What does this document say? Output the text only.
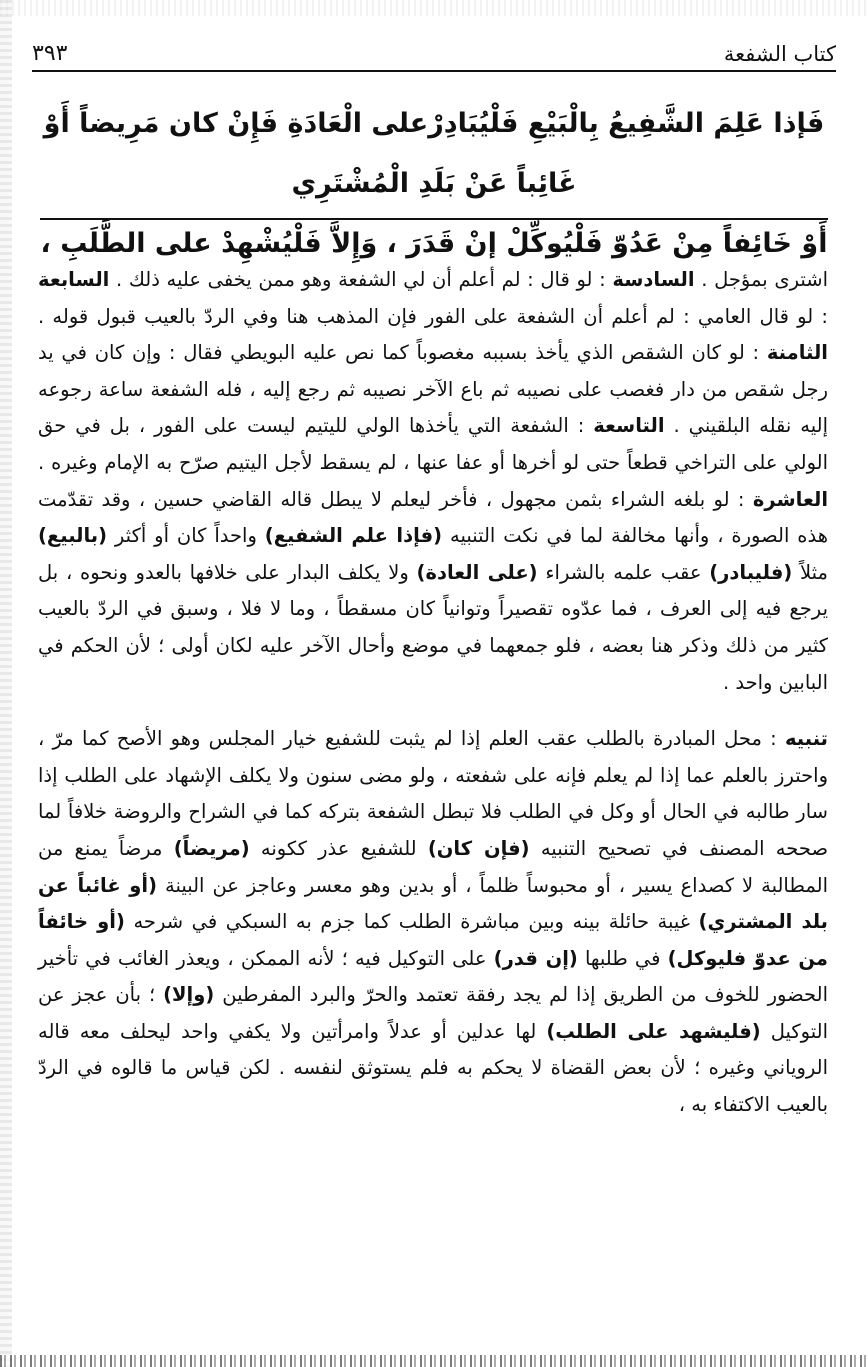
كتاب الشفعة
٣٩٣
فَإذا عَلِمَ الشَّفِيعُ بِالْبَيْعِ فَلْيُبَادِرْعلى الْعَادَةِ فَإِنْ كان مَرِيضاً أَوْ غَائِباً عَنْ بَلَدِ الْمُشْتَرِي
أَوْ خَائِفاً مِنْ عَدُوّ فَلْيُوكِّلْ إنْ قَدَرَ ، وَإِلاَّ فَلْيُشْهِدْ على الطَّلَبِ ،

اشترى بمؤجل . السادسة : لو قال : لم أعلم أن لي الشفعة وهو ممن يخفى عليه ذلك . السابعة : لو قال العامي : لم أعلم أن الشفعة على الفور فإن المذهب هنا وفي الردّ بالعيب قبول قوله . الثامنة : لو كان الشقص الذي يأخذ بسببه مغصوباً كما نص عليه البويطي فقال : وإن كان في يد رجل شقص من دار فغصب على نصيبه ثم باع الآخر نصيبه ثم رجع إليه ، فله الشفعة ساعة رجوعه إليه نقله البلقيني . التاسعة : الشفعة التي يأخذها الولي لليتيم ليست على الفور ، بل في حق الولي على التراخي قطعاً حتى لو أخرها أو عفا عنها ، لم يسقط لأجل اليتيم صرّح به الإمام وغيره . العاشرة : لو بلغه الشراء بثمن مجهول ، فأخر ليعلم لا يبطل قاله القاضي حسين ، وقد تقدّمت هذه الصورة ، وأنها مخالفة لما في نكت التنبيه (فإذا علم الشفيع) واحداً كان أو أكثر (بالبيع) مثلاً (فليبادر) عقب علمه بالشراء (على العادة) ولا يكلف البدار على خلافها بالعدو ونحوه ، بل يرجع فيه إلى العرف ، فما عدّوه تقصيراً وتوانياً كان مسقطاً ، وما لا فلا ، وسبق في الردّ بالعيب كثير من ذلك وذكر هنا بعضه ، فلو جمعهما في موضع وأحال الآخر عليه لكان أولى ؛ لأن الحكم في البابين واحد .

تنبيه : محل المبادرة بالطلب عقب العلم إذا لم يثبت للشفيع خيار المجلس وهو الأصح كما مرّ ، واحترز بالعلم عما إذا لم يعلم فإنه على شفعته ، ولو مضى سنون ولا يكلف الإشهاد على الطلب إذا سار طالبه في الحال أو وكل في الطلب فلا تبطل الشفعة بتركه كما في الشراح والروضة خلافاً لما صححه المصنف في تصحيح التنبيه (فإن كان) للشفيع عذر ككونه (مريضاً) مرضاً يمنع من المطالبة لا كصداع يسير ، أو محبوساً ظلماً ، أو بدين وهو معسر وعاجز عن البينة (أو غائباً عن بلد المشتري) غيبة حائلة بينه وبين مباشرة الطلب كما جزم به السبكي في شرحه (أو خائفاً من عدوّ فليوكل) في طلبها (إن قدر) على التوكيل فيه ؛ لأنه الممكن ، ويعذر الغائب في تأخير الحضور للخوف من الطريق إذا لم يجد رفقة تعتمد والحرّ والبرد المفرطين (وإلا) ؛ بأن عجز عن التوكيل (فليشهد على الطلب) لها عدلين أو عدلاً وامرأتين ولا يكفي واحد ليحلف معه قاله الروياني وغيره ؛ لأن بعض القضاة لا يحكم به فلم يستوثق لنفسه . لكن قياس ما قالوه في الردّ بالعيب الاكتفاء به ،
